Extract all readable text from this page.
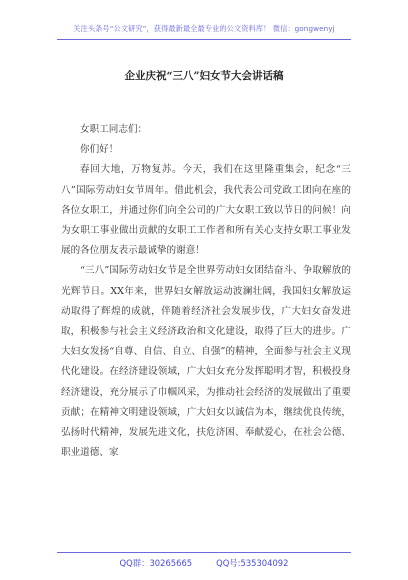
关注头条号“公文研究”，获得最新最全最专业的公文资料库！ 微信：gongwenyj
企业庆祝“三八”妇女节大会讲话稿

女职工同志们：

你们好！

春回大地，万物复苏。今天，我们在这里隆重集会，纪念“三八”国际劳动妇女节周年。借此机会，我代表公司党政工团向在座的各位女职工，并通过你们向全公司的广大女职工致以节日的问候！向为女职工事业做出贡献的女职工工作者和所有关心支持女职工事业发展的各位朋友表示最诚挚的谢意！

“三八”国际劳动妇女节是全世界劳动妇女团结奋斗、争取解放的光辉节日。XX年来，世界妇女解放运动波澜壮阔，我国妇女解放运动取得了辉煌的成就，伴随着经济社会发展步伐，广大妇女奋发进取，积极参与社会主义经济政治和文化建设，取得了巨大的进步。广大妇女发扬“自尊、自信、自立、自强”的精神，全面参与社会主义现代化建设。在经济建设领域，广大妇女充分发挥聪明才智，积极投身经济建设，充分展示了巾帼风采，为推动社会经济的发展做出了重要贡献；在精神文明建设领域，广大妇女以诚信为本，继续优良传统，弘扬时代精神，发展先进文化，扶危济困、奉献爱心，在社会公德、职业道德、家

QQ群：30265665	QQ号:535304092
